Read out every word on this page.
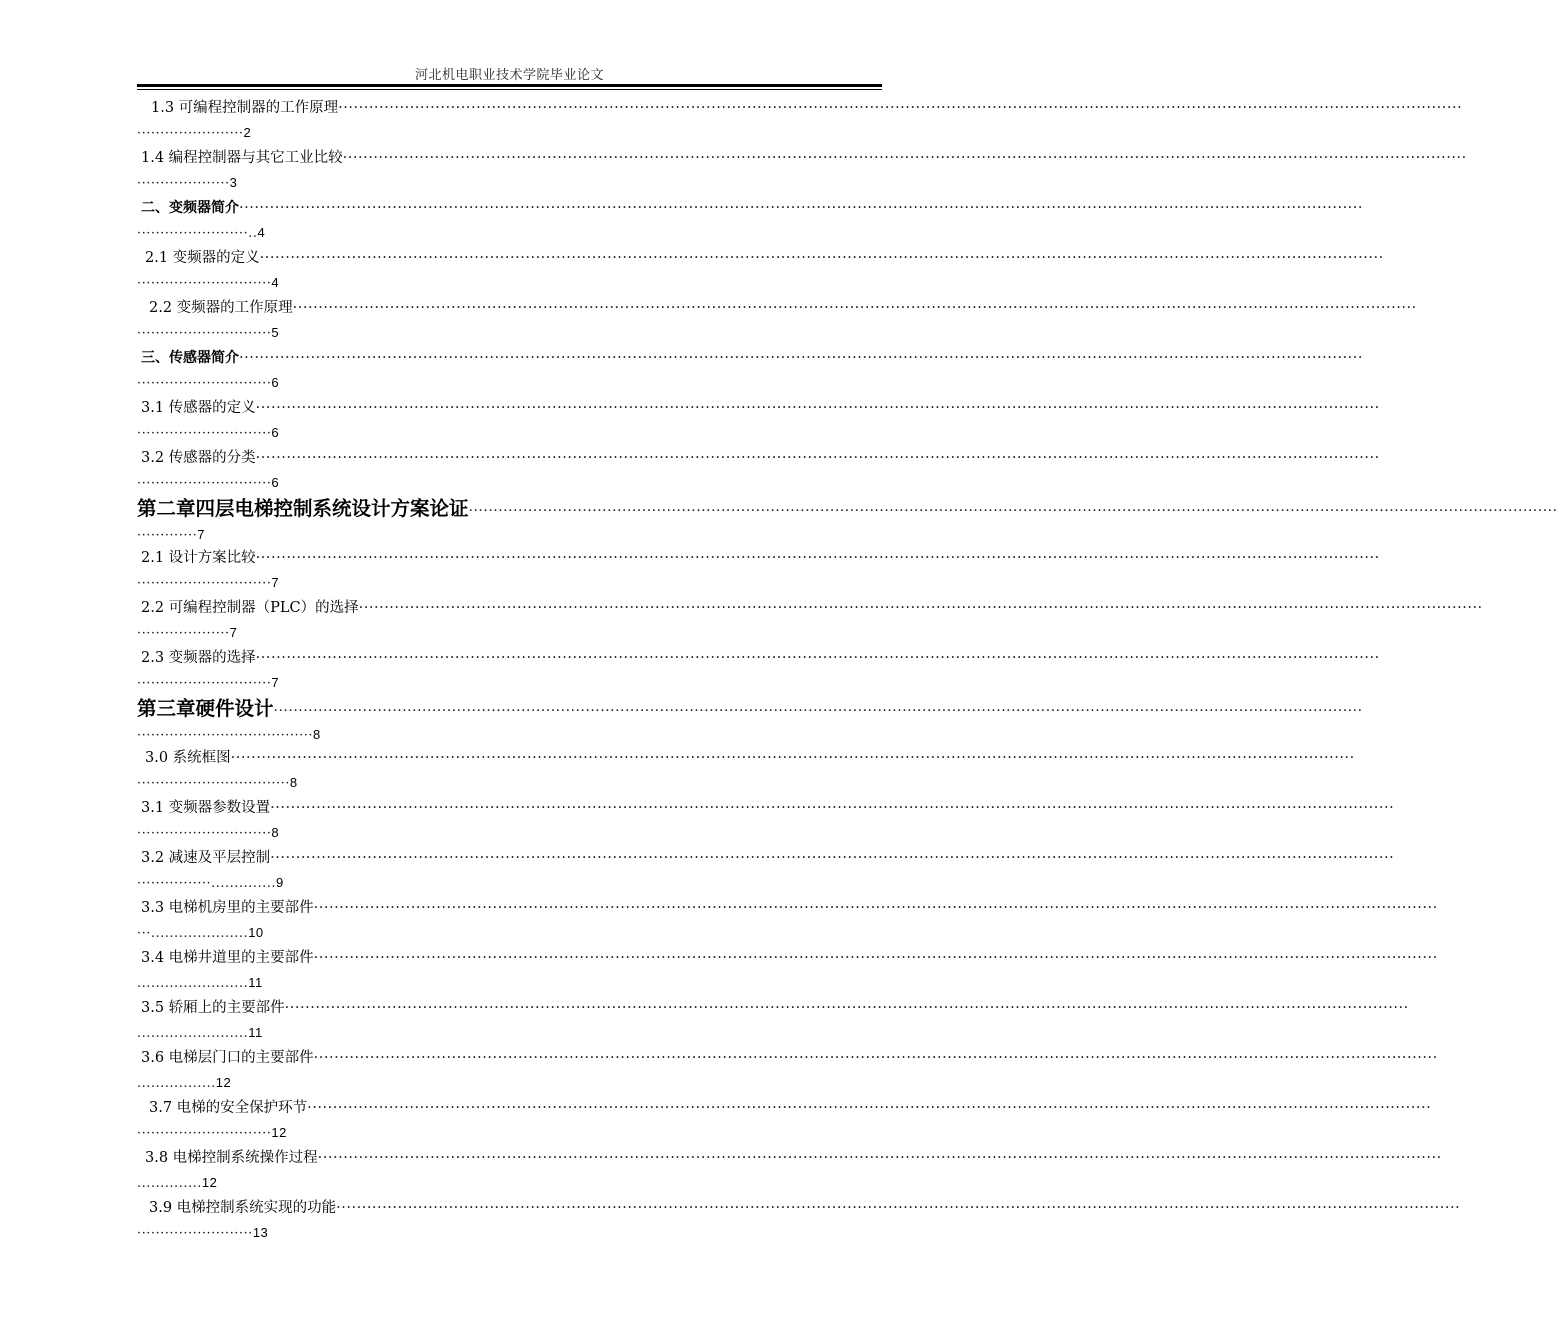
河北机电职业技术学院毕业论文
1.3 可编程控制器的工作原理 ····························································································································································································································
·······················2
1.4 编程控制器与其它工业比较 ····························································································································································································································
····················3
二、变频器简介 ····························································································································································································································
························..4
2.1 变频器的定义 ····························································································································································································································
·····························4
2.2 变频器的工作原理 ····························································································································································································································
·····························5
三、传感器简介 ····························································································································································································································
·····························6
3.1 传感器的定义 ····························································································································································································································
·····························6
3.2 传感器的分类 ····························································································································································································································
·····························6
第二章四层电梯控制系统设计方案论证 ····························································································································································································································
·············7
2.1 设计方案比较 ····························································································································································································································
·····························7
2.2 可编程控制器（PLC）的选择 ····························································································································································································································
····················7
2.3 变频器的选择 ····························································································································································································································
·····························7
第三章硬件设计 ····························································································································································································································
······································8
3.0 系统框图 ····························································································································································································································
·································8
3.1 变频器参数设置 ····························································································································································································································
·····························8
3.2 减速及平层控制 ····························································································································································································································
················..............9
3.3 电梯机房里的主要部件 ····························································································································································································································
···.....................10
3.4 电梯井道里的主要部件 ····························································································································································································································
........................11
3.5 轿厢上的主要部件 ····························································································································································································································
........................11
3.6 电梯层门口的主要部件 ····························································································································································································································
.................12
3.7 电梯的安全保护环节 ····························································································································································································································
·····························12
3.8 电梯控制系统操作过程 ····························································································································································································································
..............12
3.9 电梯控制系统实现的功能 ····························································································································································································································
·························13
